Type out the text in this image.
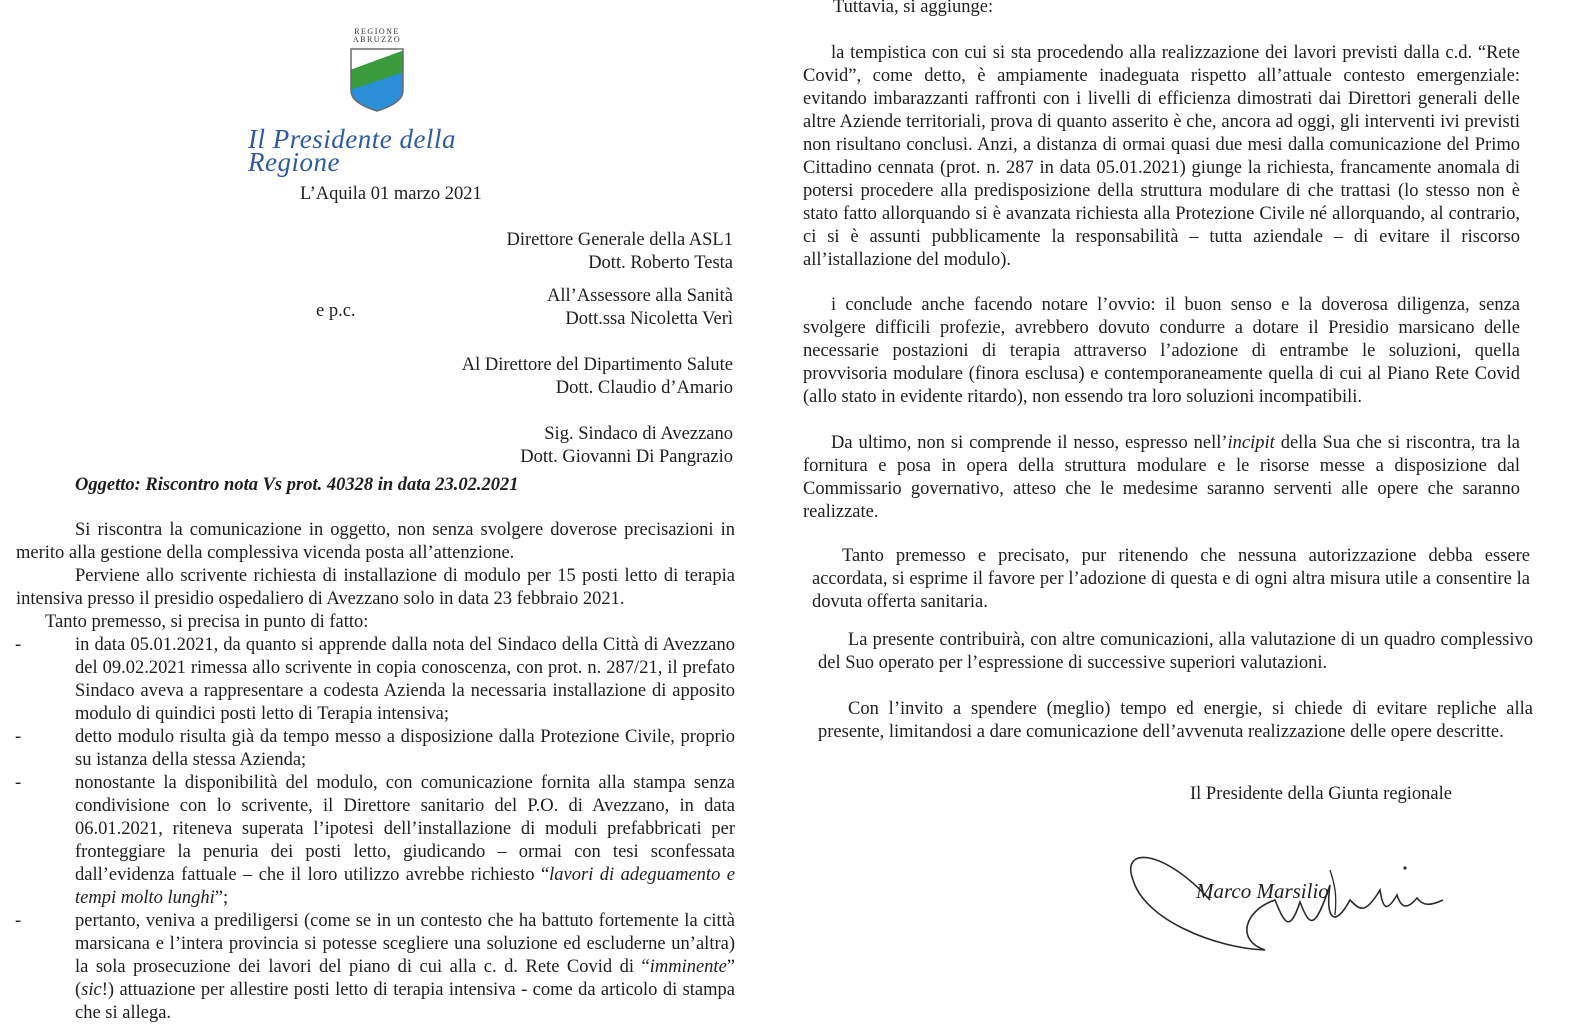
REGIONE ABRUZZO
Il Presidente della Regione
L’Aquila 01 marzo 2021
Direttore Generale della ASL1
Dott. Roberto Testa
e p.c.
All’Assessore alla Sanità
Dott.ssa Nicoletta Verì
Al Direttore del Dipartimento Salute
Dott. Claudio d’Amario
Sig. Sindaco di Avezzano
Dott. Giovanni Di Pangrazio
Oggetto: Riscontro nota Vs prot. 40328 in data 23.02.2021
Si riscontra la comunicazione in oggetto, non senza svolgere doverose precisazioni in merito alla gestione della complessiva vicenda posta all’attenzione.
Perviene allo scrivente richiesta di installazione di modulo per 15 posti letto di terapia intensiva presso il presidio ospedaliero di Avezzano solo in data 23 febbraio 2021.
Tanto premesso, si precisa in punto di fatto:
-	in data 05.01.2021, da quanto si apprende dalla nota del Sindaco della Città di Avezzano del 09.02.2021 rimessa allo scrivente in copia conoscenza, con prot. n. 287/21, il prefato Sindaco aveva a rappresentare a codesta Azienda la necessaria installazione di apposito modulo di quindici posti letto di Terapia intensiva;
-	detto modulo risulta già da tempo messo a disposizione dalla Protezione Civile, proprio su istanza della stessa Azienda;
-	nonostante la disponibilità del modulo, con comunicazione fornita alla stampa senza condivisione con lo scrivente, il Direttore sanitario del P.O. di Avezzano, in data 06.01.2021, riteneva superata l’ipotesi dell’installazione di moduli prefabbricati per fronteggiare la penuria dei posti letto, giudicando – ormai con tesi sconfessata dall’evidenza fattuale – che il loro utilizzo avrebbe richiesto “lavori di adeguamento e tempi molto lunghi”;
-	pertanto, veniva a prediligersi (come se in un contesto che ha battuto fortemente la città marsicana e l’intera provincia si potesse scegliere una soluzione ed escluderne un’altra) la sola prosecuzione dei lavori del piano di cui alla c. d. Rete Covid di “imminente” (sic!) attuazione per allestire posti letto di terapia intensiva - come da articolo di stampa che si allega.
Tuttavia, si aggiunge:
la tempistica con cui si sta procedendo alla realizzazione dei lavori previsti dalla c.d. “Rete Covid”, come detto, è ampiamente inadeguata rispetto all’attuale contesto emergenziale: evitando imbarazzanti raffronti con i livelli di efficienza dimostrati dai Direttori generali delle altre Aziende territoriali, prova di quanto asserito è che, ancora ad oggi, gli interventi ivi previsti non risultano conclusi. Anzi, a distanza di ormai quasi due mesi dalla comunicazione del Primo Cittadino cennata (prot. n. 287 in data 05.01.2021) giunge la richiesta, francamente anomala di potersi procedere alla predisposizione della struttura modulare di che trattasi (lo stesso non è stato fatto allorquando si è avanzata richiesta alla Protezione Civile né allorquando, al contrario, ci si è assunti pubblicamente la responsabilità – tutta aziendale – di evitare il riscorso all’istallazione del modulo).
i conclude anche facendo notare l’ovvio: il buon senso e la doverosa diligenza, senza svolgere difficili profezie, avrebbero dovuto condurre a dotare il Presidio marsicano delle necessarie postazioni di terapia attraverso l’adozione di entrambe le soluzioni, quella provvisoria modulare (finora esclusa) e contemporaneamente quella di cui al Piano Rete Covid (allo stato in evidente ritardo), non essendo tra loro soluzioni incompatibili.
Da ultimo, non si comprende il nesso, espresso nell’incipit della Sua che si riscontra, tra la fornitura e posa in opera della struttura modulare e le risorse messe a disposizione dal Commissario governativo, atteso che le medesime saranno serventi alle opere che saranno realizzate.
Tanto premesso e precisato, pur ritenendo che nessuna autorizzazione debba essere accordata, si esprime il favore per l’adozione di questa e di ogni altra misura utile a consentire la dovuta offerta sanitaria.
La presente contribuirà, con altre comunicazioni, alla valutazione di un quadro complessivo del Suo operato per l’espressione di successive superiori valutazioni.
Con l’invito a spendere (meglio) tempo ed energie, si chiede di evitare repliche alla presente, limitandosi a dare comunicazione dell’avvenuta realizzazione delle opere descritte.
Il Presidente della Giunta regionale
Marco Marsilio
